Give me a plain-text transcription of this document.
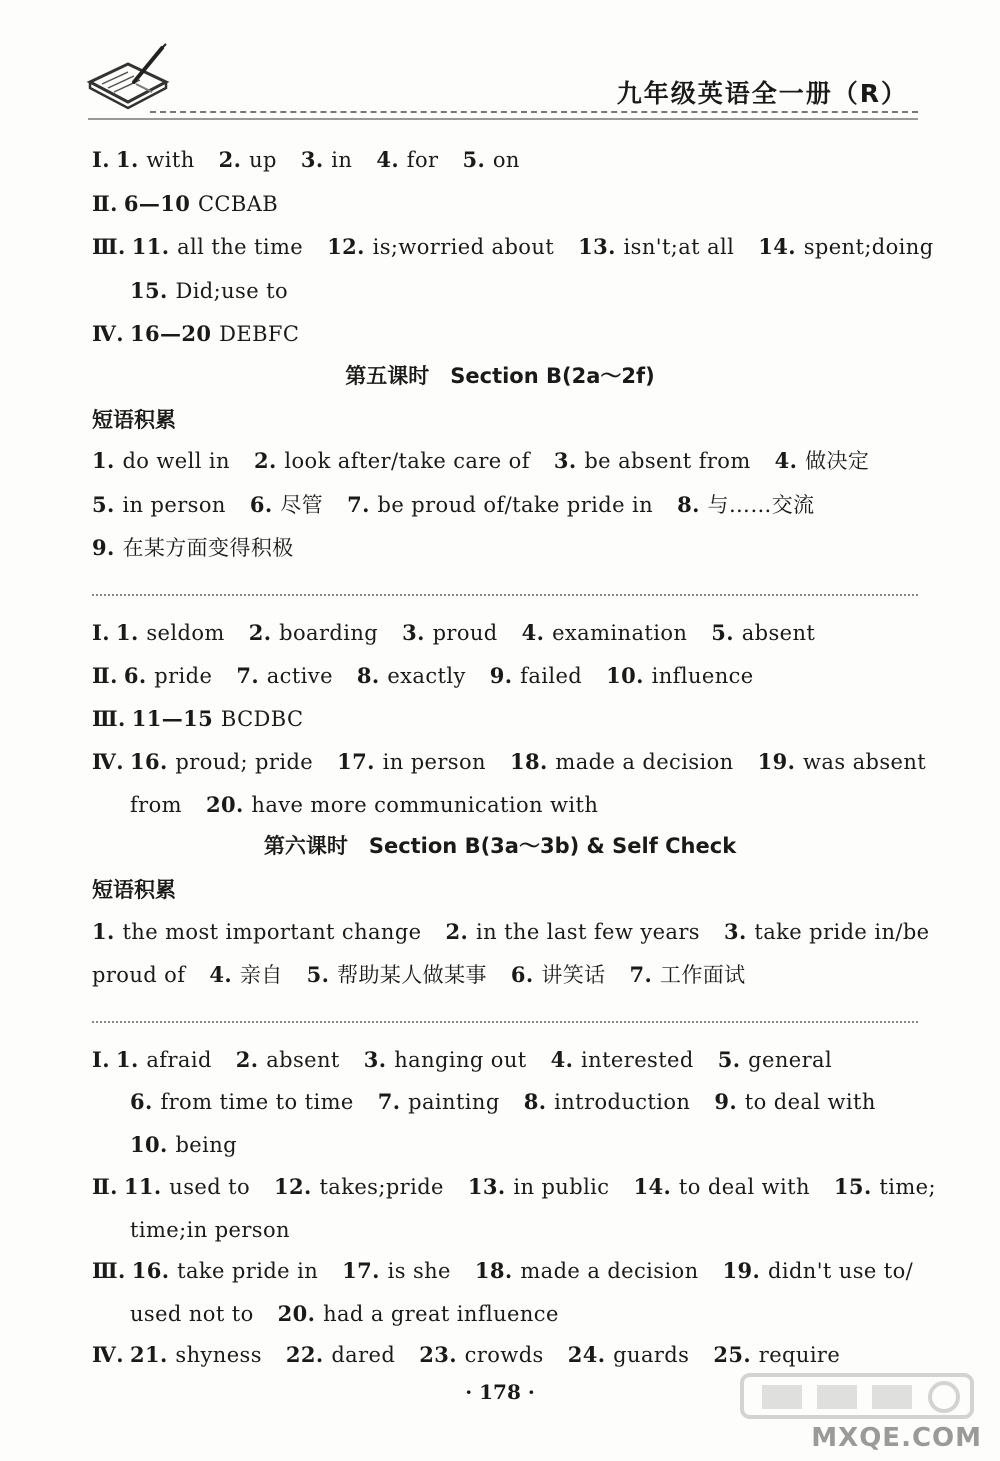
九年级英语全一册（R）
Ⅰ. 1. with 2. up 3. in 4. for 5. on
Ⅱ. 6—10 CCBAB
Ⅲ. 11. all the time 12. is;worried about 13. isn't;at all 14. spent;doing
15. Did;use to
Ⅳ. 16—20 DEBFC
第五课时　Section B(2a～2f)
短语积累
1. do well in 2. look after/take care of 3. be absent from 4. 做决定
5. in person 6. 尽管 7. be proud of/take pride in 8. 与……交流
9. 在某方面变得积极
Ⅰ. 1. seldom 2. boarding 3. proud 4. examination 5. absent
Ⅱ. 6. pride 7. active 8. exactly 9. failed 10. influence
Ⅲ. 11—15 BCDBC
Ⅳ. 16. proud; pride 17. in person 18. made a decision 19. was absent
from 20. have more communication with
第六课时　Section B(3a～3b) & Self Check
短语积累
1. the most important change 2. in the last few years 3. take pride in/be
proud of 4. 亲自 5. 帮助某人做某事 6. 讲笑话 7. 工作面试
Ⅰ. 1. afraid 2. absent 3. hanging out 4. interested 5. general
6. from time to time 7. painting 8. introduction 9. to deal with
10. being
Ⅱ. 11. used to 12. takes;pride 13. in public 14. to deal with 15. time;
time;in person
Ⅲ. 16. take pride in 17. is she 18. made a decision 19. didn't use to/
used not to 20. had a great influence
Ⅳ. 21. shyness 22. dared 23. crowds 24. guards 25. require
· 178 ·
MXQE.COM
